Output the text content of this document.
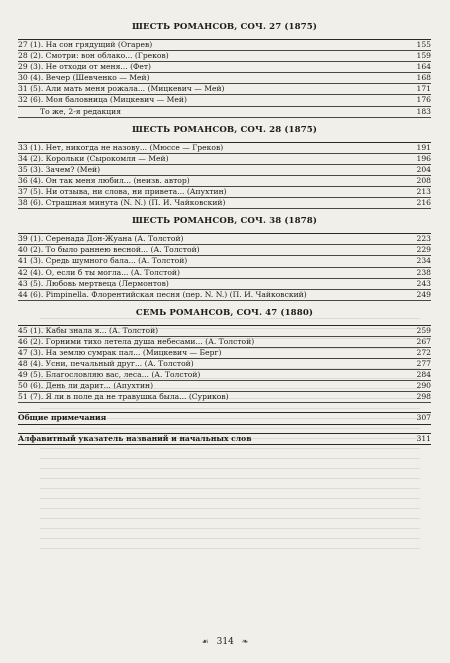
ШЕСТЬ РОМАНСОВ, СОЧ. 27 (1875)
27 (1). На сон грядущий (Огарев)	155
28 (2). Смотри: вон облако... (Греков)	159
29 (3). Не отходи от меня... (Фет)	164
30 (4). Вечер (Шевченко — Мей)	168
31 (5). Али мать меня рожала... (Мицкевич — Мей)	171
32 (6). Моя баловница (Мицкевич — Мей)	176
То же, 2-я редакция	183
ШЕСТЬ РОМАНСОВ, СОЧ. 28 (1875)
33 (1). Нет, никогда не назову... (Мюссе — Греков)	191
34 (2). Корольки (Сырокомля — Мей)	196
35 (3). Зачем? (Мей)	204
36 (4). Он так меня любил... (неизв. автор)	208
37 (5). Ни отзыва, ни слова, ни привета... (Апухтин)	213
38 (6). Страшная минута (N. N.) (П. И. Чайковский)	216
ШЕСТЬ РОМАНСОВ, СОЧ. 38 (1878)
39 (1). Серенада Дон-Жуана (А. Толстой)	223
40 (2). То было раннею весной... (А. Толстой)	229
41 (3). Средь шумного бала... (А. Толстой)	234
42 (4). О, если б ты могла... (А. Толстой)	238
43 (5). Любовь мертвеца (Лермонтов)	243
44 (6). Pimpinella. Флорентийская песня (пер. N. N.) (П. И. Чайковский)	249
СЕМЬ РОМАНСОВ, СОЧ. 47 (1880)
45 (1). Кабы знала я... (А. Толстой)	259
46 (2). Горними тихо летела душа небесами... (А. Толстой)	267
47 (3). На землю сумрак пал... (Мицкевич — Берг)	272
48 (4). Усни, печальный друг... (А. Толстой)	277
49 (5). Благословляю вас, леса... (А. Толстой)	284
50 (6). День ли дарит... (Апухтин)	290
51 (7). Я ли в поле да не травушка была... (Суриков)	298
Общие примечания	307
Алфавитный указатель названий и начальных слов	311
☙ 314 ❧
